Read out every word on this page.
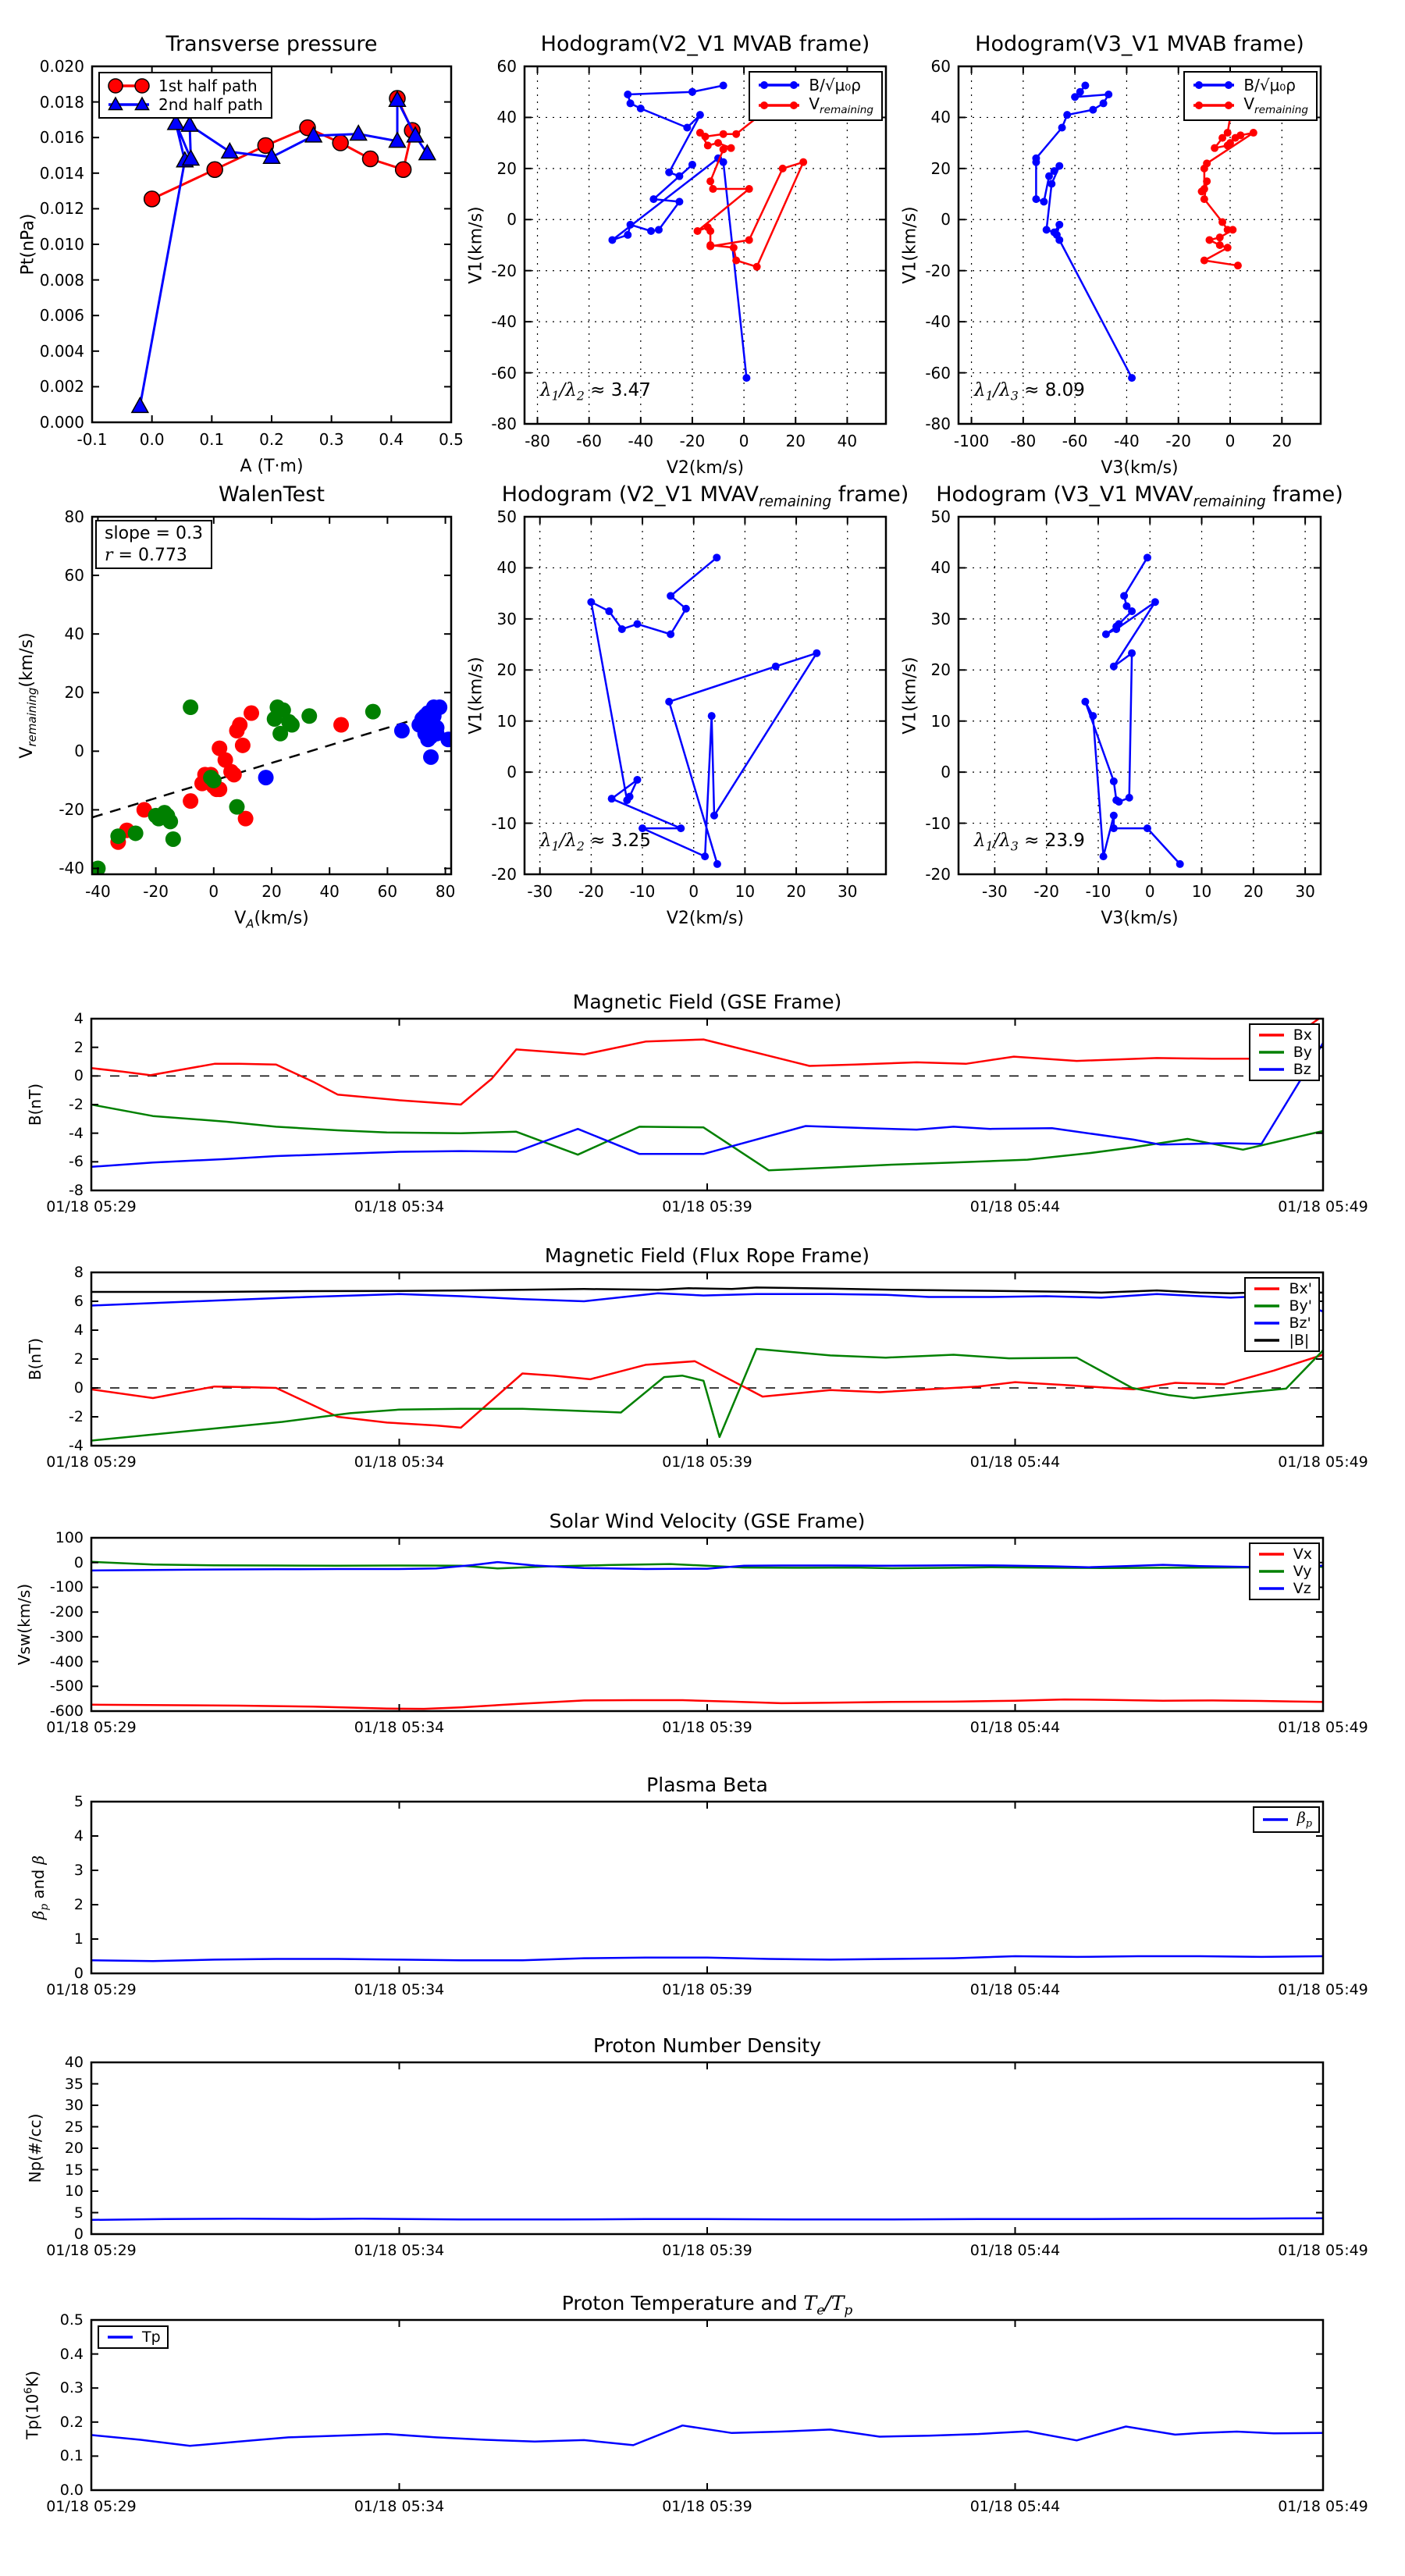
Transverse pressure
-0.1 0.0 0.1 0.2 0.3 0.4 0.5
0.000
0.002
0.004
0.006
0.008
0.010
0.012
0.014
0.016
0.018
0.020
A (T·m)
Pt(nPa)
1st half path
2nd half path
Hodogram(V2_V1 MVAB frame)
-80 -60 -40 -20 0 20 40
-80
-60
-40
-20
0
20
40
60
V2(km/s)
V1(km/s)
$\lambda_1/\lambda_2 \approx 3.47$
B/√μ₀ρ
$V_{remaining}$
Hodogram(V3_V1 MVAB frame)
-100 -80 -60 -40 -20 0 20
-80
-60
-40
-20
0
20
40
60
V3(km/s)
V1(km/s)
$\lambda_1/\lambda_3 \approx 8.09$
B/√μ₀ρ
$V_{remaining}$
WalenTest
-40 -20	0	20 40 60 80
-40
-20
0
20
40
60
80
$V_A(km/s)$
$V_{remaining}(km/s)$
slope = 0.3
r = 0.773
Hodogram (V2_V1 $MVAV_{remaining}$ frame)
-30 -20 -10 0 10 20 30
-20
-10
0
10
20
30
40
50
V2(km/s)
V1(km/s)
$\lambda_1/\lambda_2 \approx 3.25$
Hodogram (V3_V1 $MVAV_{remaining}$ frame)
-30 -20 -10 0 10 20 30
-20
-10
0
10
20
30
40
50
V3(km/s)
V1(km/s)
$\lambda_1/\lambda_3 \approx 23.9$
Magnetic Field (GSE Frame)
01/18 05:29	01/18 05:34	01/18 05:39	01/18 05:44	01/18 05:49
-8
-6
-4
-2
0
2
4
B(nT)
Bx
By
Bz
Magnetic Field (Flux Rope Frame)
01/18 05:29	01/18 05:34	01/18 05:39	01/18 05:44	01/18 05:49
-4
-2
0
2
4
6
8
B(nT)
Bx'
By'
Bz'
|B|
Solar Wind Velocity (GSE Frame)
01/18 05:29	01/18 05:34	01/18 05:39	01/18 05:44	01/18 05:49
-600
-500
-400
-300
-200
-100
0
100
Vsw(km/s)
Vx
Vy
Vz
Plasma Beta
01/18 05:29	01/18 05:34	01/18 05:39	01/18 05:44	01/18 05:49
0
1
2
3
4
5
$\beta_p$ and β
$\beta_p$
Proton Number Density
01/18 05:29	01/18 05:34	01/18 05:39	01/18 05:44	01/18 05:49
0
5
10
15
20
25
30
35
40
Np(#/cc)
Proton Temperature and $T_e/T_p$
01/18 05:29	01/18 05:34	01/18 05:39	01/18 05:44	01/18 05:49
0.0
0.1
0.2
0.3
0.4
0.5
$Tp(10^6K)$
Tp
